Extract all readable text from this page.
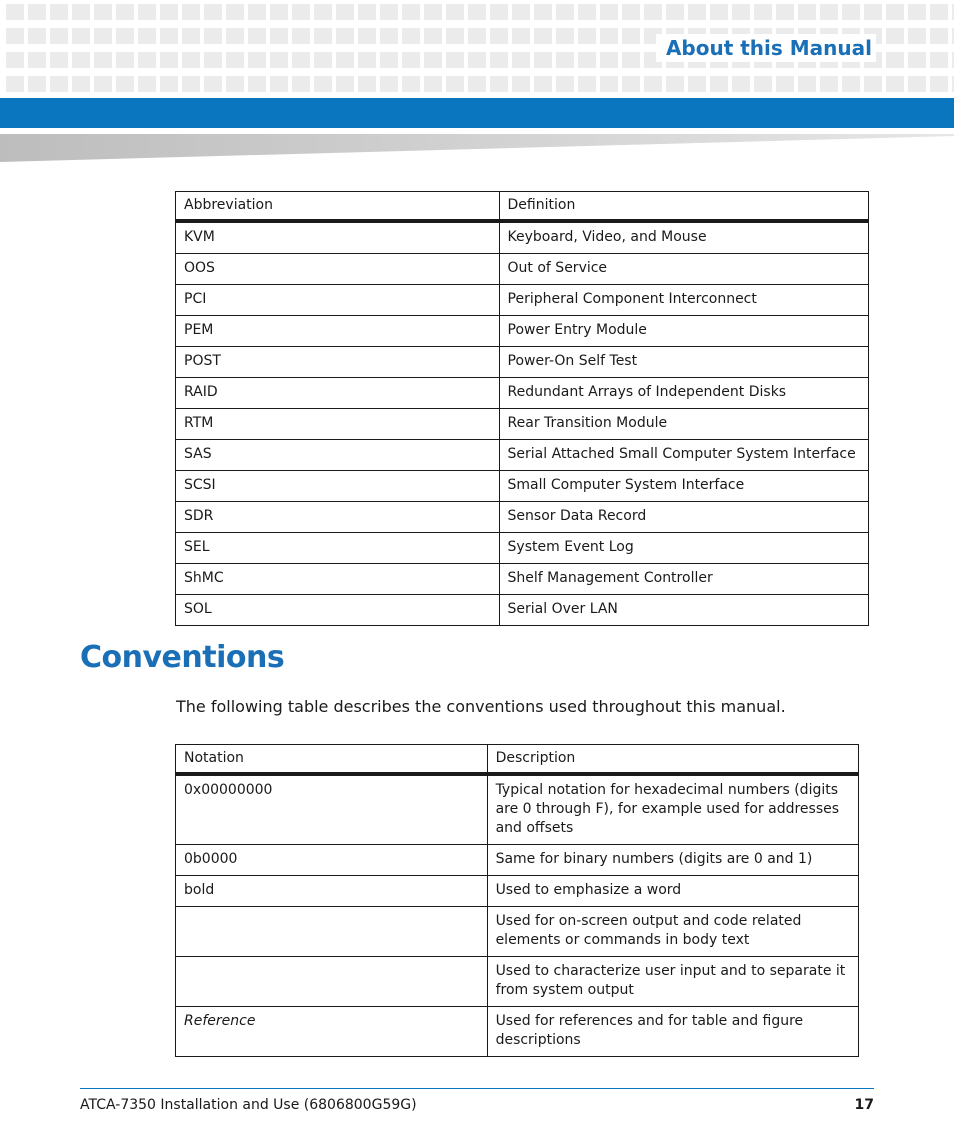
About this Manual
Abbreviation	Definition
KVM	Keyboard, Video, and Mouse
OOS	Out of Service
PCI	Peripheral Component Interconnect
PEM	Power Entry Module
POST	Power-On Self Test
RAID	Redundant Arrays of Independent Disks
RTM	Rear Transition Module
SAS	Serial Attached Small Computer System Interface
SCSI	Small Computer System Interface
SDR	Sensor Data Record
SEL	System Event Log
ShMC	Shelf Management Controller
SOL	Serial Over LAN
Conventions

The following table describes the conventions used throughout this manual.

Notation	Description
0x00000000	Typical notation for hexadecimal numbers (digits are 0 through F), for example used for addresses and offsets
0b0000	Same for binary numbers (digits are 0 and 1)
bold	Used to emphasize a word
	Used for on-screen output and code related elements or commands in body text
	Used to characterize user input and to separate it from system output
Reference	Used for references and for table and figure descriptions
ATCA-7350 Installation and Use (6806800G59G)	17
